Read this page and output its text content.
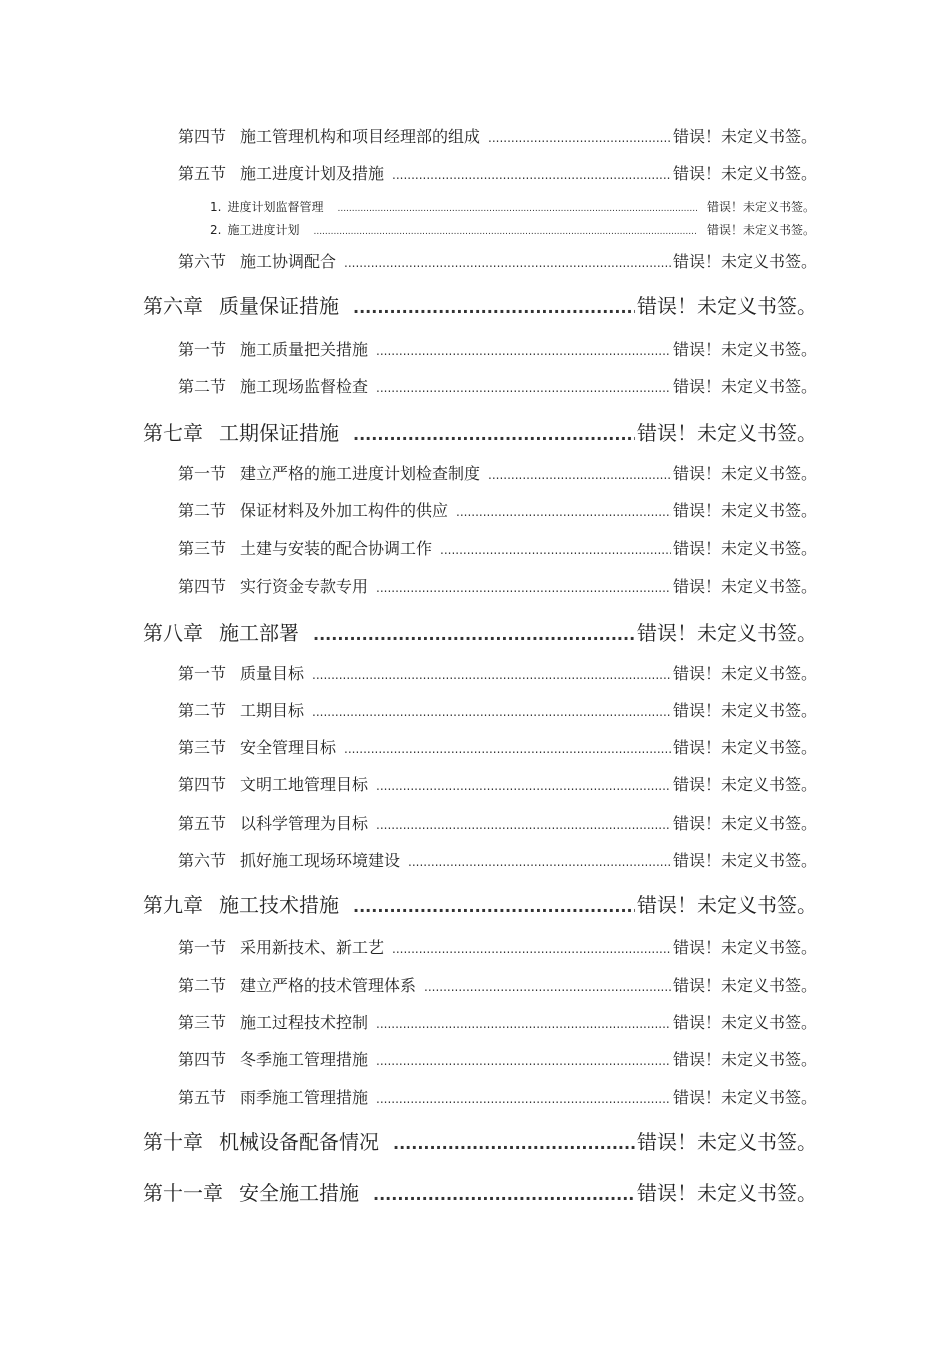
第四节 施工管理机构和项目经理部的组成 .....	错误！未定义书签。
第五节 施工进度计划及措施 .....	错误！未定义书签。
1. 进度计划监督管理 .....	错误！未定义书签。
2. 施工进度计划 .....	错误！未定义书签。
第六节 施工协调配合 .....	错误！未定义书签。
第六章 质量保证措施 .....	错误！未定义书签。
第一节 施工质量把关措施 .....	错误！未定义书签。
第二节 施工现场监督检查 .....	错误！未定义书签。
第七章 工期保证措施 .....	错误！未定义书签。
第一节 建立严格的施工进度计划检查制度 .....	错误！未定义书签。
第二节 保证材料及外加工构件的供应 .....	错误！未定义书签。
第三节 土建与安装的配合协调工作 .....	错误！未定义书签。
第四节 实行资金专款专用 .....	错误！未定义书签。
第八章 施工部署 .....	错误！未定义书签。
第一节 质量目标 .....	错误！未定义书签。
第二节 工期目标 .....	错误！未定义书签。
第三节 安全管理目标 .....	错误！未定义书签。
第四节 文明工地管理目标 .....	错误！未定义书签。
第五节 以科学管理为目标 .....	错误！未定义书签。
第六节 抓好施工现场环境建设 .....	错误！未定义书签。
第九章 施工技术措施 .....	错误！未定义书签。
第一节 采用新技术、新工艺 .....	错误！未定义书签。
第二节 建立严格的技术管理体系 .....	错误！未定义书签。
第三节 施工过程技术控制 .....	错误！未定义书签。
第四节 冬季施工管理措施 .....	错误！未定义书签。
第五节 雨季施工管理措施 .....	错误！未定义书签。
第十章 机械设备配备情况 .....	错误！未定义书签。
第十一章 安全施工措施 .....	错误！未定义书签。
